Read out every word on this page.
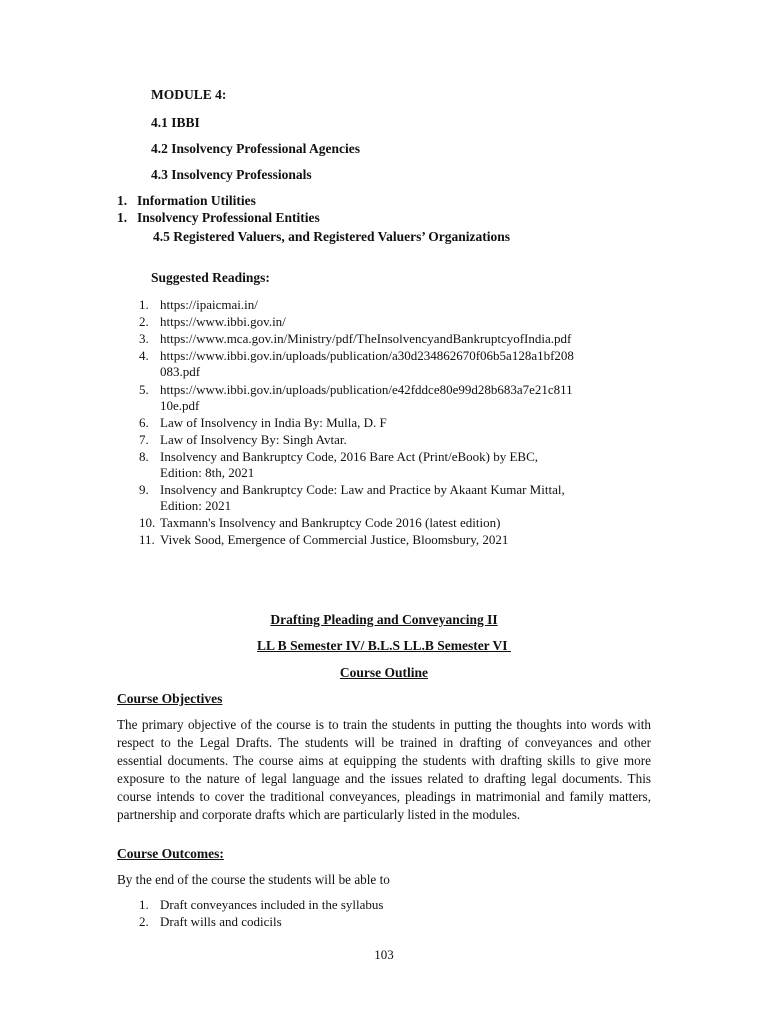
MODULE 4:
4.1 IBBI
4.2 Insolvency Professional Agencies
4.3 Insolvency Professionals
1. Information Utilities
1. Insolvency Professional Entities
4.5 Registered Valuers, and Registered Valuers’ Organizations
Suggested Readings:
1. https://ipaicmai.in/
2. https://www.ibbi.gov.in/
3. https://www.mca.gov.in/Ministry/pdf/TheInsolvencyandBankruptcyofIndia.pdf
4. https://www.ibbi.gov.in/uploads/publication/a30d234862670f06b5a128a1bf208
083.pdf
5. https://www.ibbi.gov.in/uploads/publication/e42fddce80e99d28b683a7e21c811
10e.pdf
6. Law of Insolvency in India By: Mulla, D. F
7. Law of Insolvency By: Singh Avtar.
8. Insolvency and Bankruptcy Code, 2016 Bare Act (Print/eBook) by EBC,
Edition: 8th, 2021
9. Insolvency and Bankruptcy Code: Law and Practice by Akaant Kumar Mittal,
Edition: 2021
10. Taxmann's Insolvency and Bankruptcy Code 2016 (latest edition)
11. Vivek Sood, Emergence of Commercial Justice, Bloomsbury, 2021
Drafting Pleading and Conveyancing II
LL B Semester IV/ B.L.S LL.B Semester VI
Course Outline
Course Objectives

The primary objective of the course is to train the students in putting the thoughts into words with respect to the Legal Drafts. The students will be trained in drafting of conveyances and other essential documents. The course aims at equipping the students with drafting skills to give more exposure to the nature of legal language and the issues related to drafting legal documents. This course intends to cover the traditional conveyances, pleadings in matrimonial and family matters, partnership and corporate drafts which are particularly listed in the modules.

Course Outcomes:
By the end of the course the students will be able to
1. Draft conveyances included in the syllabus
2. Draft wills and codicils
103
